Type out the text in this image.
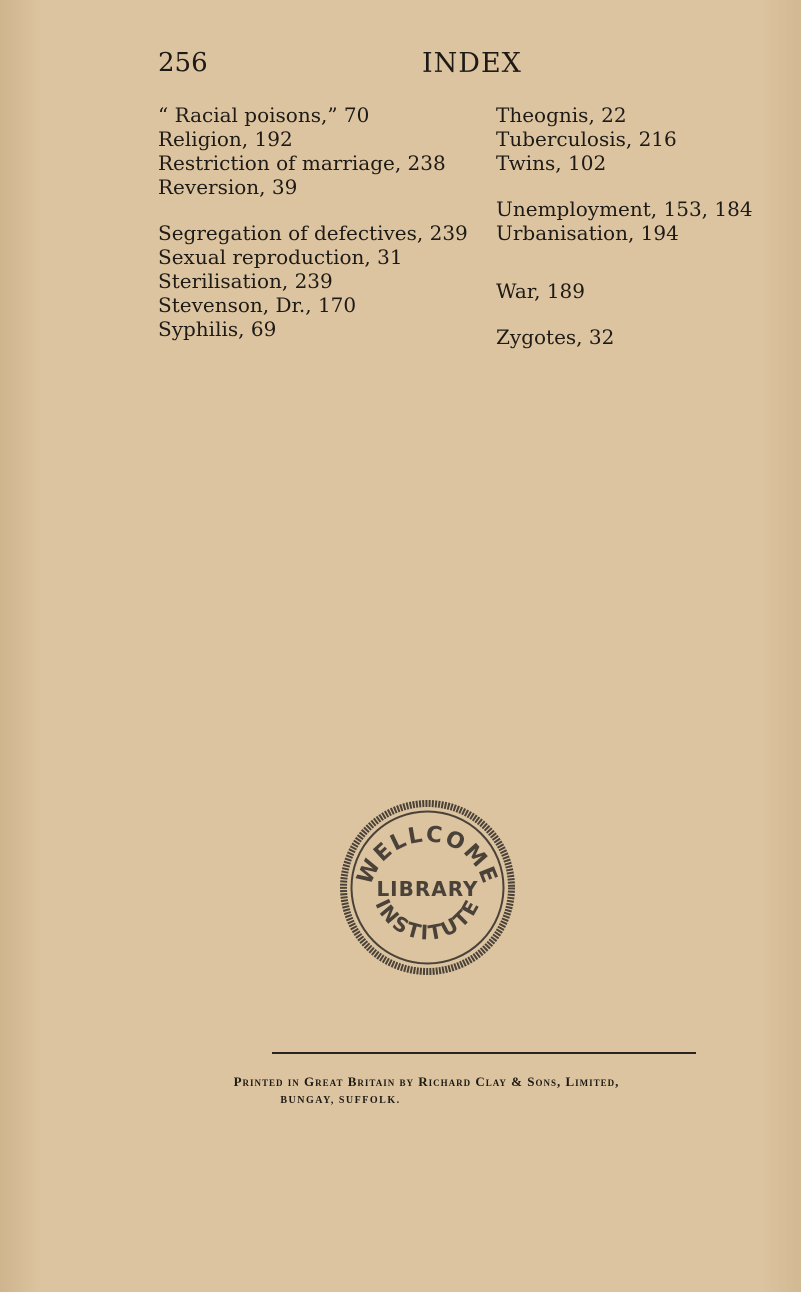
256	INDEX

“ Racial poisons,” 70

Religion, 192

Restriction of marriage, 238

Reversion, 39

Segregation of defectives, 239

Sexual reproduction, 31

Sterilisation, 239

Stevenson, Dr., 170

Syphilis, 69

Theognis, 22

Tuberculosis, 216

Twins, 102

Unemployment, 153, 184

Urbanisation, 194

War, 189

Zygotes, 32

WELLCOME
LIBRARY
INSTITUTE
Printed in Great Britain by Richard Clay & Sons, Limited,
BUNGAY, SUFFOLK.
